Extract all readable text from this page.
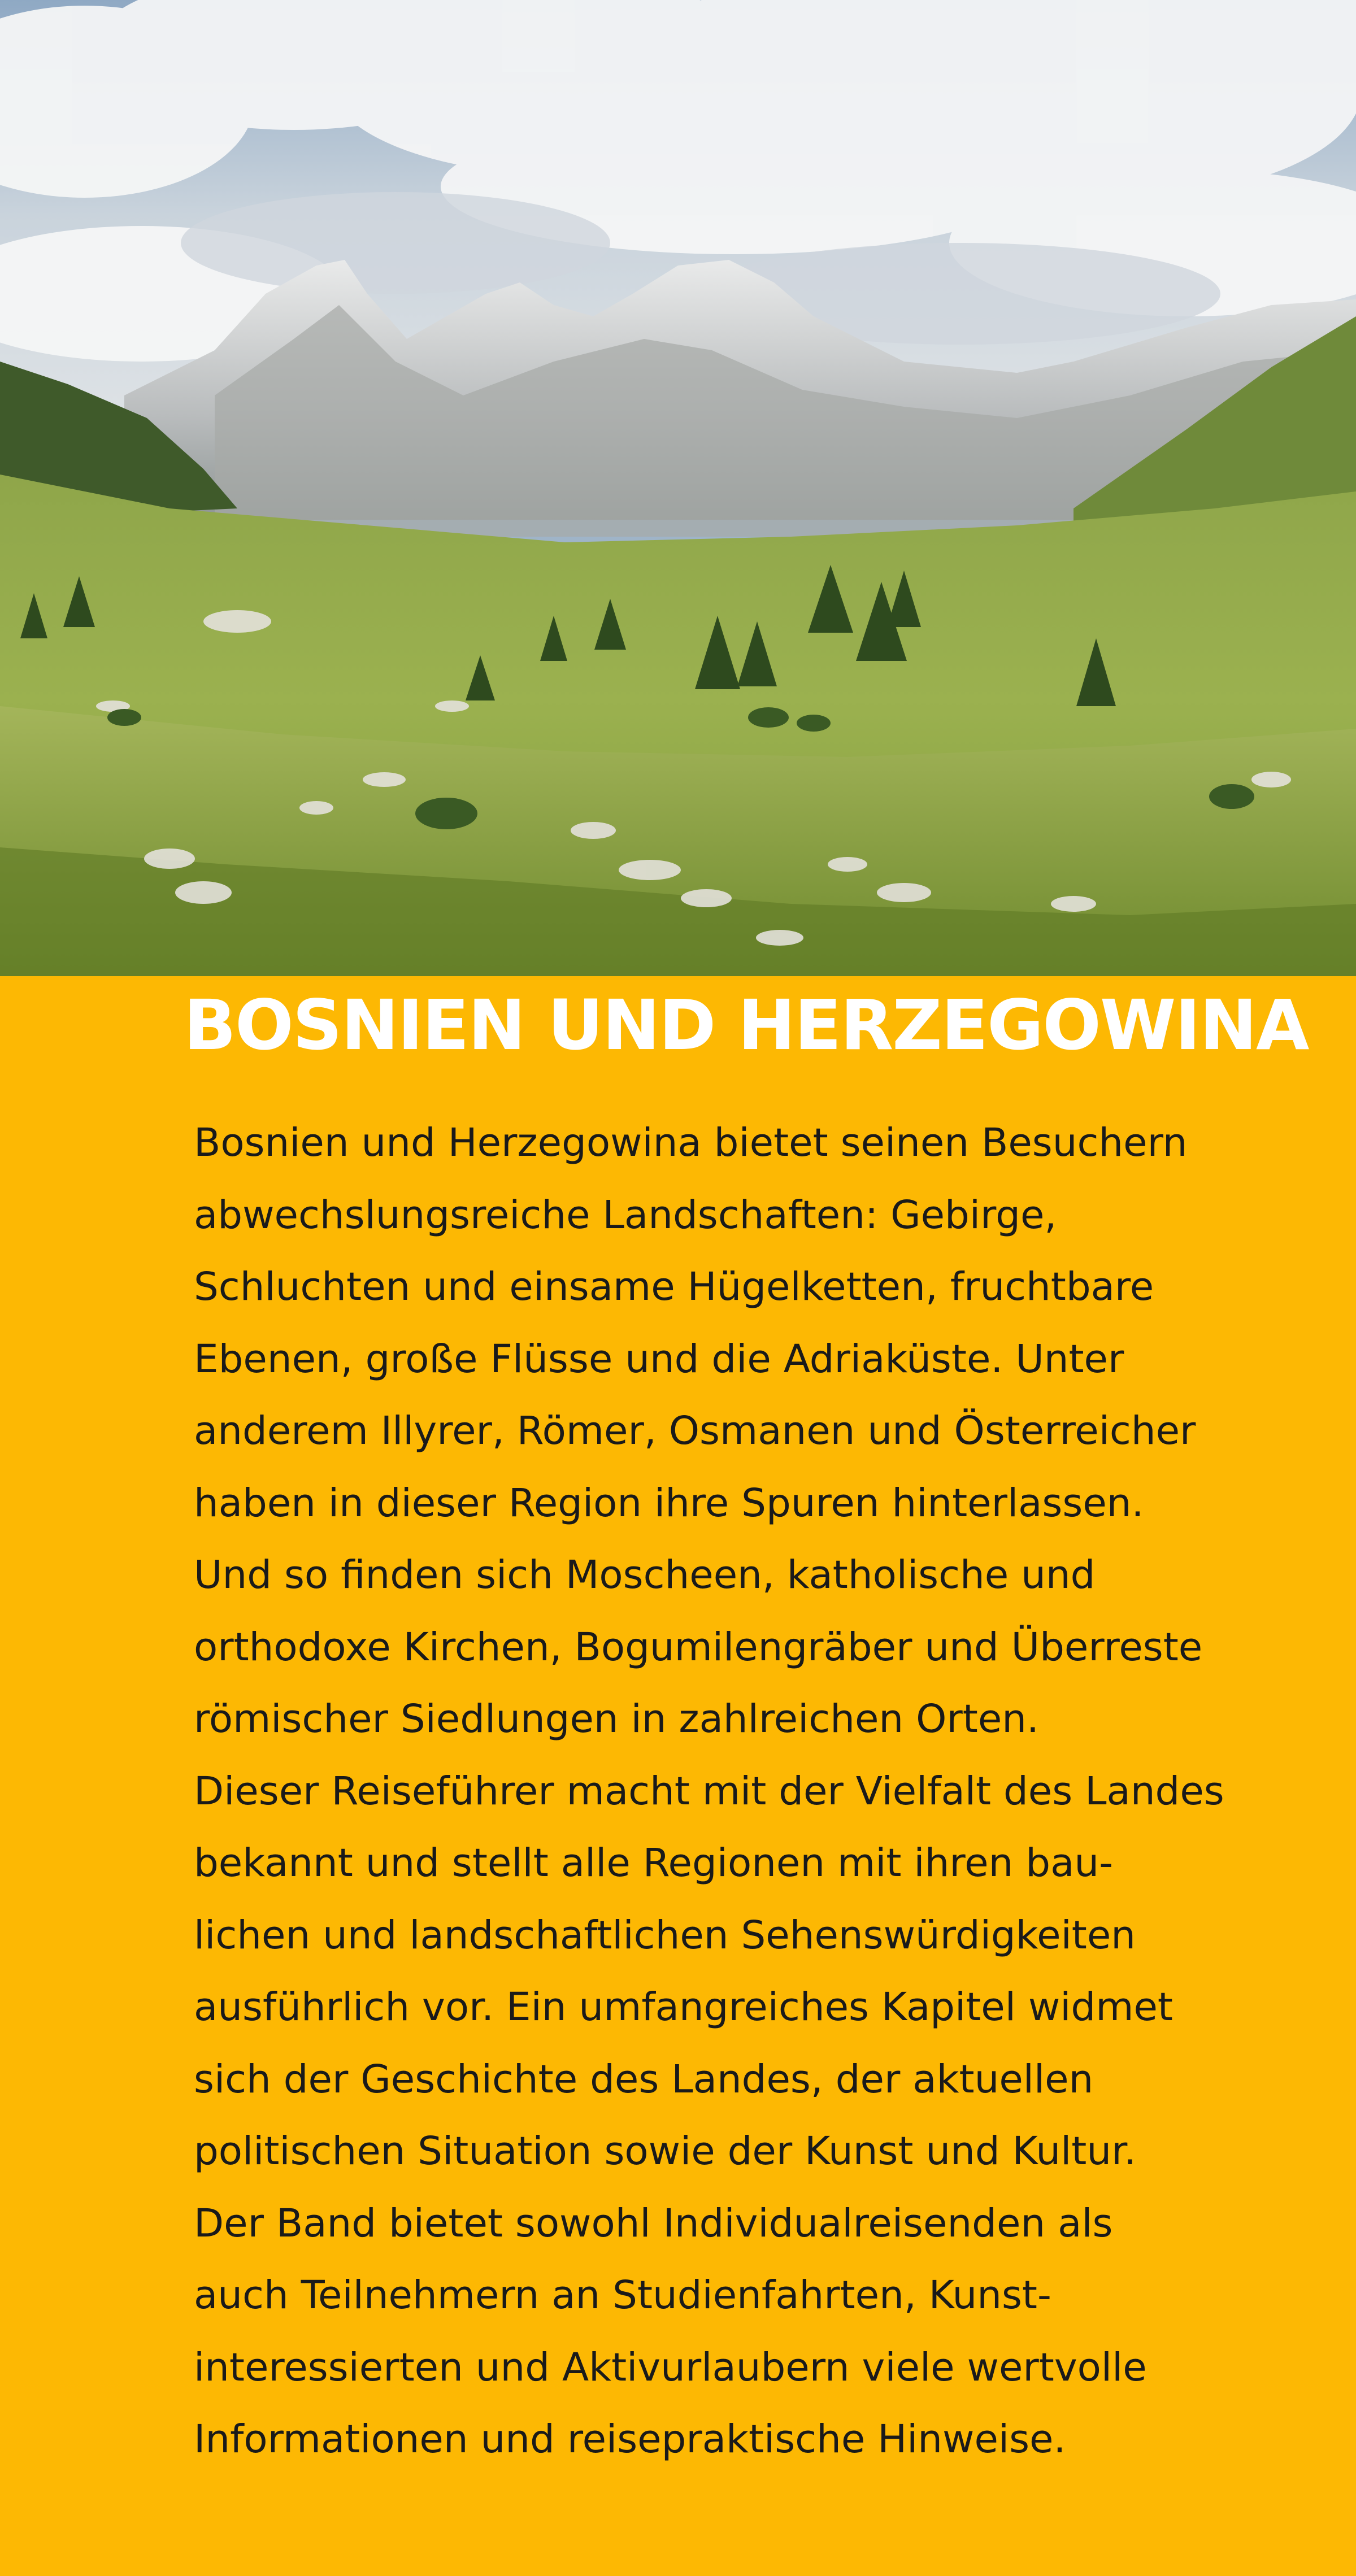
BOSNIEN UND HERZEGOWINA
Bosnien und Herzegowina bietet seinen Besuchern
abwechslungsreiche Landschaften: Gebirge,
Schluchten und einsame Hügelketten, fruchtbare
Ebenen, große Flüsse und die Adriaküste. Unter
anderem Illyrer, Römer, Osmanen und Österreicher
haben in dieser Region ihre Spuren hinterlassen.
Und so finden sich Moscheen, katholische und
orthodoxe Kirchen, Bogumilengräber und Überreste
römischer Siedlungen in zahlreichen Orten.
Dieser Reiseführer macht mit der Vielfalt des Landes
bekannt und stellt alle Regionen mit ihren bau-
lichen und landschaftlichen Sehenswürdigkeiten
ausführlich vor. Ein umfangreiches Kapitel widmet
sich der Geschichte des Landes, der aktuellen
politischen Situation sowie der Kunst und Kultur.
Der Band bietet sowohl Individualreisenden als
auch Teilnehmern an Studienfahrten, Kunst-
interessierten und Aktivurlaubern viele wertvolle
Informationen und reisepraktische Hinweise.
